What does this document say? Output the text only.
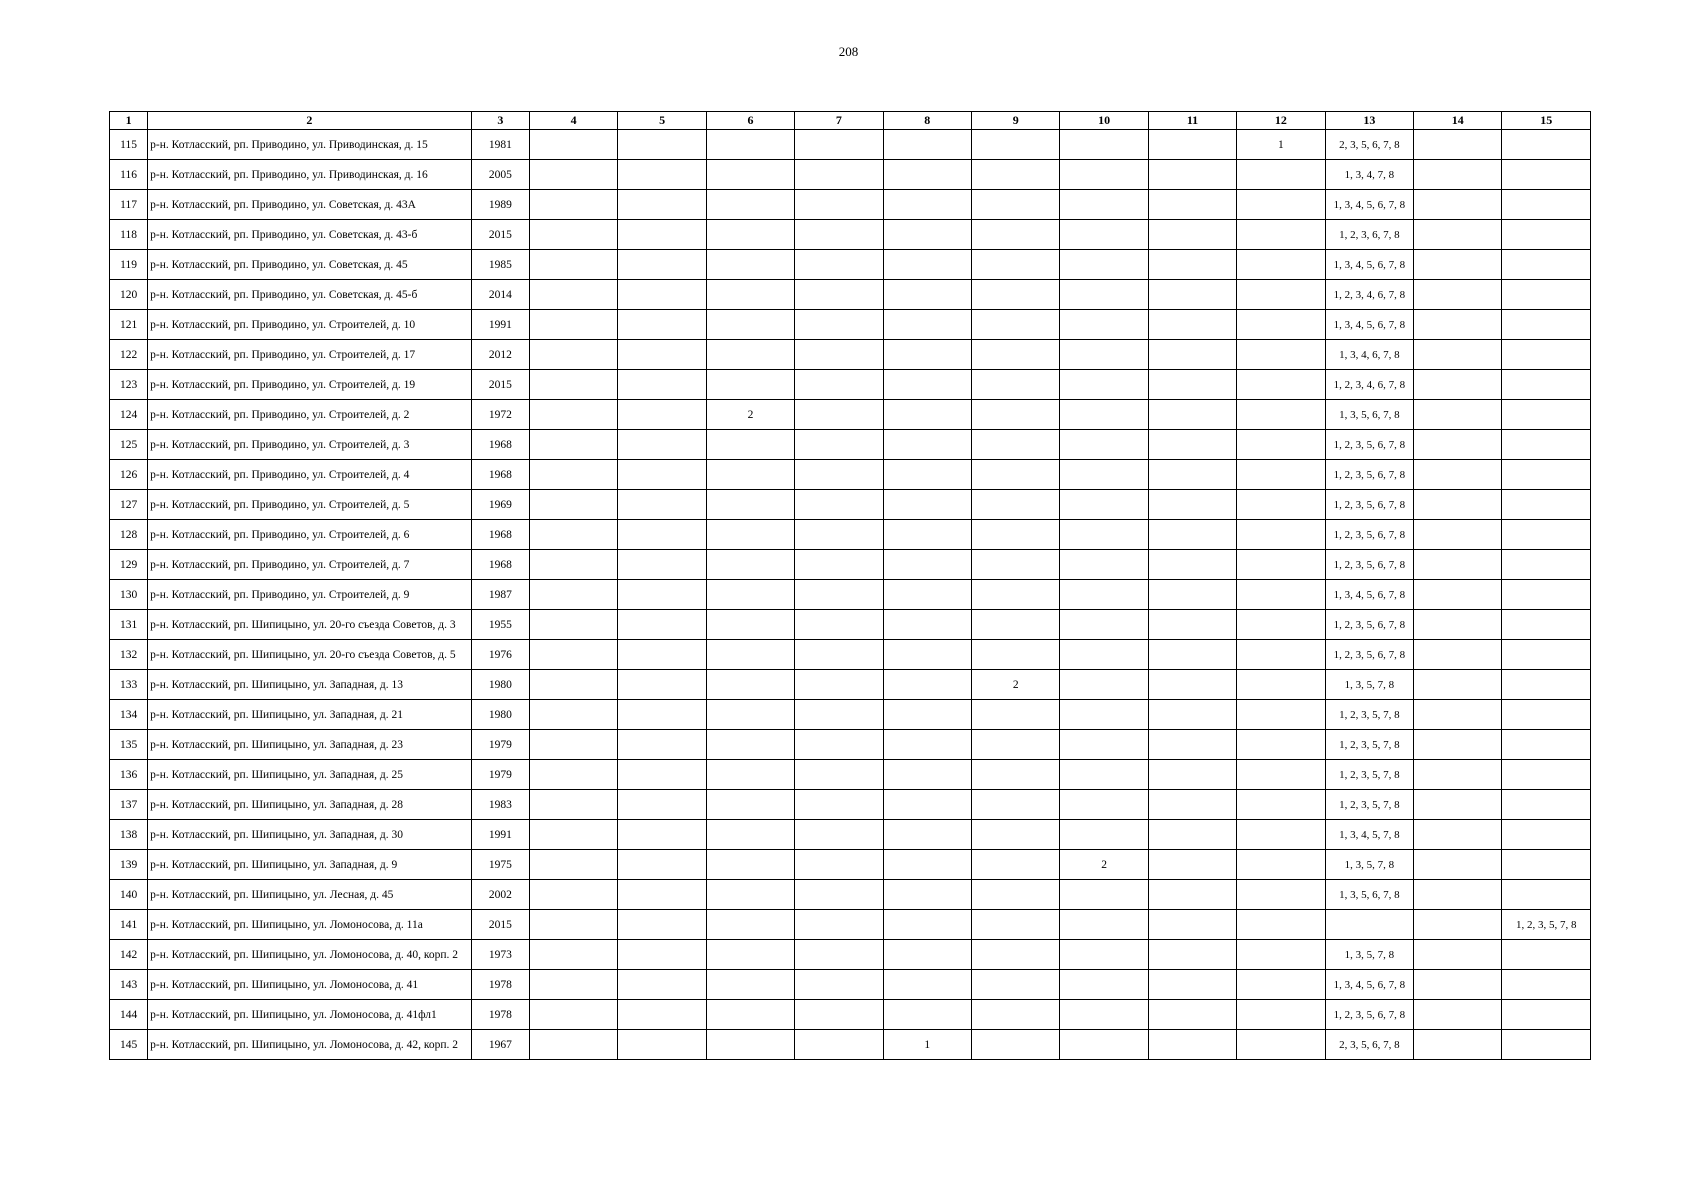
208
1	2	3	4	5	6	7	8	9	10	11	12	13	14	15
115	р-н. Котласский, рп. Приводино, ул. Приводинская, д. 15	1981									1	2, 3, 5, 6, 7, 8		
116	р-н. Котласский, рп. Приводино, ул. Приводинская, д. 16	2005										1, 3, 4, 7, 8		
117	р-н. Котласский, рп. Приводино, ул. Советская, д. 43А	1989										1, 3, 4, 5, 6, 7, 8		
118	р-н. Котласский, рп. Приводино, ул. Советская, д. 43-б	2015										1, 2, 3, 6, 7, 8		
119	р-н. Котласский, рп. Приводино, ул. Советская, д. 45	1985										1, 3, 4, 5, 6, 7, 8		
120	р-н. Котласский, рп. Приводино, ул. Советская, д. 45-б	2014										1, 2, 3, 4, 6, 7, 8		
121	р-н. Котласский, рп. Приводино, ул. Строителей, д. 10	1991										1, 3, 4, 5, 6, 7, 8		
122	р-н. Котласский, рп. Приводино, ул. Строителей, д. 17	2012										1, 3, 4, 6, 7, 8		
123	р-н. Котласский, рп. Приводино, ул. Строителей, д. 19	2015										1, 2, 3, 4, 6, 7, 8		
124	р-н. Котласский, рп. Приводино, ул. Строителей, д. 2	1972			2							1, 3, 5, 6, 7, 8		
125	р-н. Котласский, рп. Приводино, ул. Строителей, д. 3	1968										1, 2, 3, 5, 6, 7, 8		
126	р-н. Котласский, рп. Приводино, ул. Строителей, д. 4	1968										1, 2, 3, 5, 6, 7, 8		
127	р-н. Котласский, рп. Приводино, ул. Строителей, д. 5	1969										1, 2, 3, 5, 6, 7, 8		
128	р-н. Котласский, рп. Приводино, ул. Строителей, д. 6	1968										1, 2, 3, 5, 6, 7, 8		
129	р-н. Котласский, рп. Приводино, ул. Строителей, д. 7	1968										1, 2, 3, 5, 6, 7, 8		
130	р-н. Котласский, рп. Приводино, ул. Строителей, д. 9	1987										1, 3, 4, 5, 6, 7, 8		
131	р-н. Котласский, рп. Шипицыно, ул. 20-го съезда Советов, д. 3	1955										1, 2, 3, 5, 6, 7, 8		
132	р-н. Котласский, рп. Шипицыно, ул. 20-го съезда Советов, д. 5	1976										1, 2, 3, 5, 6, 7, 8		
133	р-н. Котласский, рп. Шипицыно, ул. Западная, д. 13	1980						2				1, 3, 5, 7, 8		
134	р-н. Котласский, рп. Шипицыно, ул. Западная, д. 21	1980										1, 2, 3, 5, 7, 8		
135	р-н. Котласский, рп. Шипицыно, ул. Западная, д. 23	1979										1, 2, 3, 5, 7, 8		
136	р-н. Котласский, рп. Шипицыно, ул. Западная, д. 25	1979										1, 2, 3, 5, 7, 8		
137	р-н. Котласский, рп. Шипицыно, ул. Западная, д. 28	1983										1, 2, 3, 5, 7, 8		
138	р-н. Котласский, рп. Шипицыно, ул. Западная, д. 30	1991										1, 3, 4, 5, 7, 8		
139	р-н. Котласский, рп. Шипицыно, ул. Западная, д. 9	1975							2			1, 3, 5, 7, 8		
140	р-н. Котласский, рп. Шипицыно, ул. Лесная, д. 45	2002										1, 3, 5, 6, 7, 8		
141	р-н. Котласский, рп. Шипицыно, ул. Ломоносова, д. 11а	2015												1, 2, 3, 5, 7, 8
142	р-н. Котласский, рп. Шипицыно, ул. Ломоносова, д. 40, корп. 2	1973										1, 3, 5, 7, 8		
143	р-н. Котласский, рп. Шипицыно, ул. Ломоносова, д. 41	1978										1, 3, 4, 5, 6, 7, 8		
144	р-н. Котласский, рп. Шипицыно, ул. Ломоносова, д. 41фл1	1978										1, 2, 3, 5, 6, 7, 8		
145	р-н. Котласский, рп. Шипицыно, ул. Ломоносова, д. 42, корп. 2	1967					1					2, 3, 5, 6, 7, 8		
